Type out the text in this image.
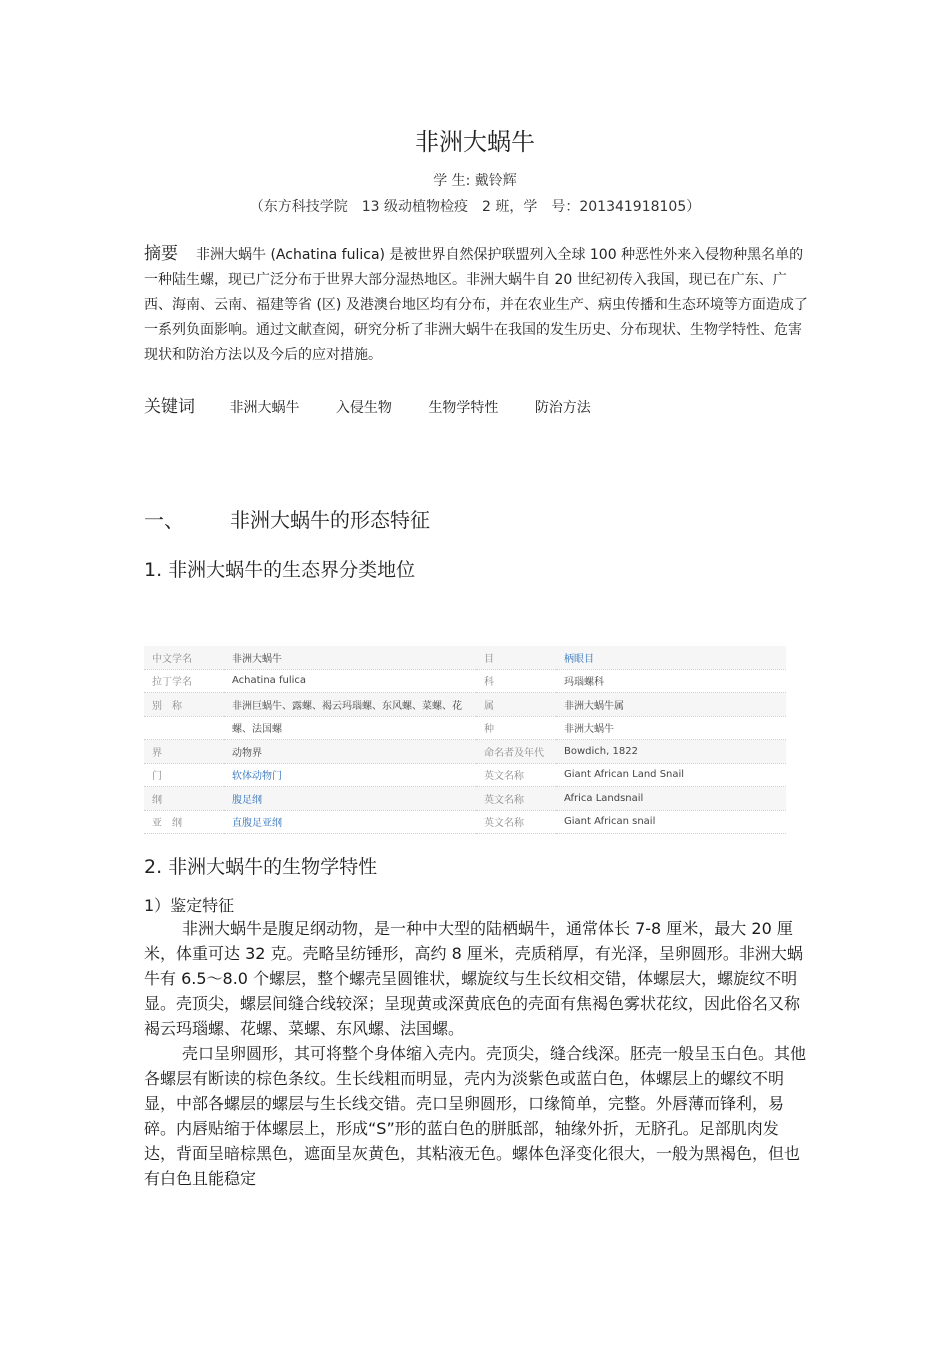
非洲大蜗牛
学 生: 戴铃辉
（东方科技学院　13 级动植物检疫　2 班，学　号：201341918105）
摘要 非洲大蜗牛 (Achatina fulica) 是被世界自然保护联盟列入全球 100 种恶性外来入侵物种黑名单的一种陆生螺，现已广泛分布于世界大部分湿热地区。非洲大蜗牛自 20 世纪初传入我国，现已在广东、广西、海南、云南、福建等省 (区) 及港澳台地区均有分布，并在农业生产、病虫传播和生态环境等方面造成了一系列负面影响。通过文献查阅，研究分析了非洲大蜗牛在我国的发生历史、分布现状、生物学特性、危害现状和防治方法以及今后的应对措施。
关键词 非洲大蜗牛	入侵生物	生物学特性	防治方法
一、 非洲大蜗牛的形态特征
1. 非洲大蜗牛的生态界分类地位
中文学名	非洲大蜗牛	目	柄眼目
拉丁学名	Achatina fulica	科	玛瑙螺科
别　称	非洲巨蜗牛、露螺、褐云玛瑙螺、东风螺、菜螺、花	属	非洲大蜗牛属
	螺、法国螺	种	非洲大蜗牛
界	动物界	命名者及年代	Bowdich, 1822
门	软体动物门	英文名称	Giant African Land Snail
纲	腹足纲	英文名称	Africa Landsnail
亚　纲	直腹足亚纲	英文名称	Giant African snail
2. 非洲大蜗牛的生物学特性
1）鉴定特征

非洲大蜗牛是腹足纲动物，是一种中大型的陆栖蜗牛，通常体长 7-8 厘米，最大 20 厘米，体重可达 32 克。壳略呈纺锤形，高约 8 厘米，壳质稍厚，有光泽，呈卵圆形。非洲大蜗牛有 6.5～8.0 个螺层，整个螺壳呈圆锥状，螺旋纹与生长纹相交错，体螺层大，螺旋纹不明显。壳顶尖，螺层间缝合线较深；呈现黄或深黄底色的壳面有焦褐色雾状花纹，因此俗名又称褐云玛瑙螺、花螺、菜螺、东风螺、法国螺。

壳口呈卵圆形，其可将整个身体缩入壳内。壳顶尖，缝合线深。胚壳一般呈玉白色。其他各螺层有断读的棕色条纹。生长线粗而明显，壳内为淡紫色或蓝白色，体螺层上的螺纹不明显，中部各螺层的螺层与生长线交错。壳口呈卵圆形，口缘简单，完整。外唇薄而锋利，易碎。内唇贴缩于体螺层上，形成“S”形的蓝白色的胼胝部，轴缘外折，无脐孔。足部肌肉发达，背面呈暗棕黑色，遮面呈灰黄色，其粘液无色。螺体色泽变化很大，一般为黑褐色，但也有白色且能稳定
